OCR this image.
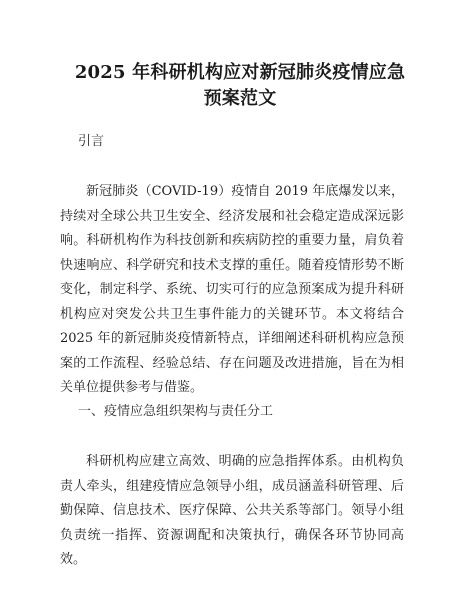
2025 年科研机构应对新冠肺炎疫情应急预案范文
引言
新冠肺炎（COVID-19）疫情自 2019 年底爆发以来，持续对全球公共卫生安全、经济发展和社会稳定造成深远影响。科研机构作为科技创新和疾病防控的重要力量，肩负着快速响应、科学研究和技术支撑的重任。随着疫情形势不断变化，制定科学、系统、切实可行的应急预案成为提升科研机构应对突发公共卫生事件能力的关键环节。本文将结合 2025 年的新冠肺炎疫情新特点，详细阐述科研机构应急预案的工作流程、经验总结、存在问题及改进措施，旨在为相关单位提供参考与借鉴。
一、疫情应急组织架构与责任分工
科研机构应建立高效、明确的应急指挥体系。由机构负责人牵头，组建疫情应急领导小组，成员涵盖科研管理、后勤保障、信息技术、医疗保障、公共关系等部门。领导小组负责统一指挥、资源调配和决策执行，确保各环节协同高效。
